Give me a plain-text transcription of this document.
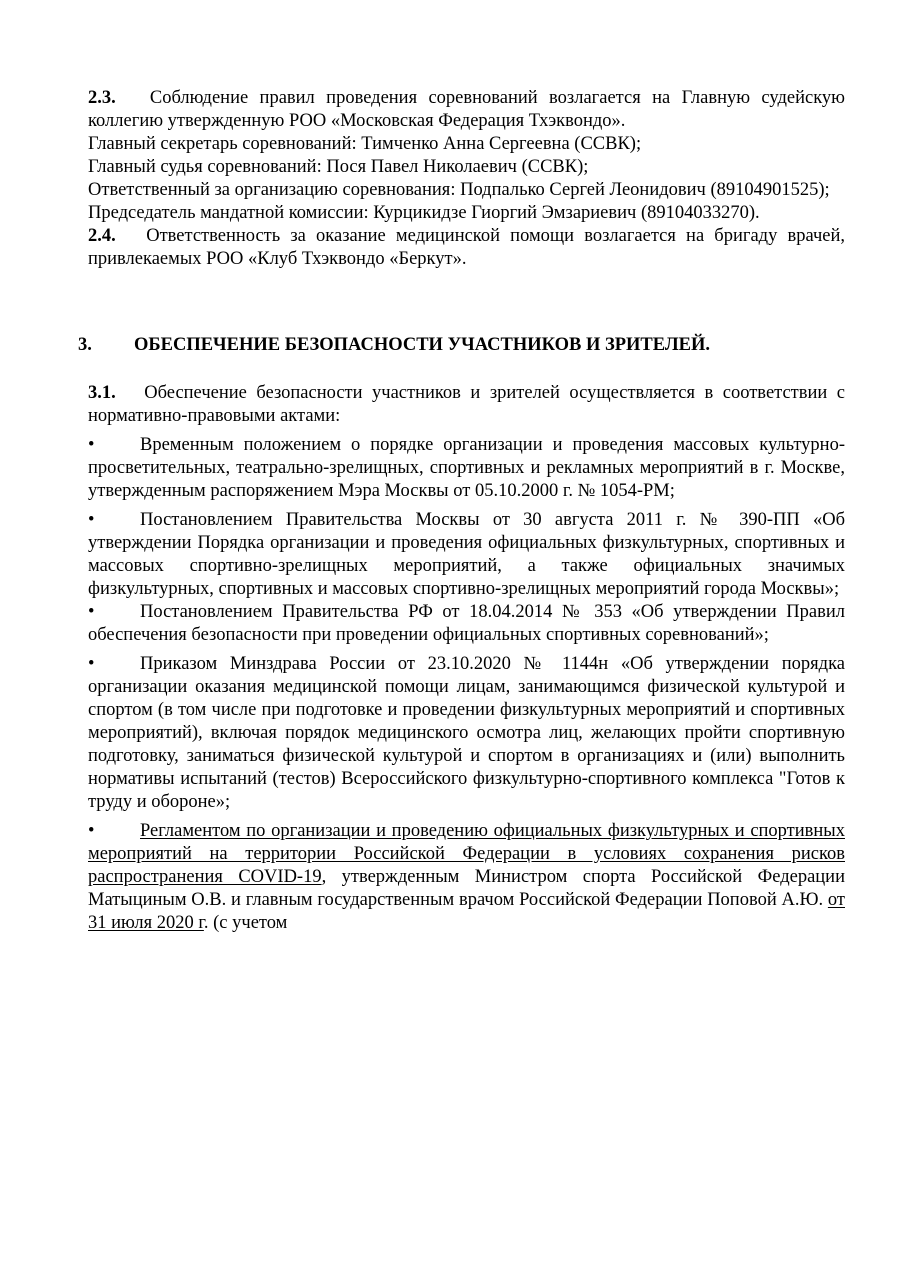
2.3. Соблюдение правил проведения соревнований возлагается на Главную судейскую коллегию утвержденную РОО «Московская Федерация Тхэквондо».

Главный секретарь соревнований: Тимченко Анна Сергеевна (ССВК);

Главный судья соревнований: Пося Павел Николаевич (ССВК);

Ответственный за организацию соревнования: Подпалько Сергей Леонидович (89104901525);

Председатель мандатной комиссии: Курцикидзе Гиоргий Эмзариевич (89104033270).

2.4. Ответственность за оказание медицинской помощи возлагается на бригаду врачей, привлекаемых РОО «Клуб Тхэквондо «Беркут».

3.	ОБЕСПЕЧЕНИЕ БЕЗОПАСНОСТИ УЧАСТНИКОВ И ЗРИТЕЛЕЙ.

3.1. Обеспечение безопасности участников и зрителей осуществляется в соответствии с нормативно-правовыми актами:

• Временным положением о порядке организации и проведения массовых культурно-просветительных, театрально-зрелищных, спортивных и рекламных мероприятий в г. Москве, утвержденным распоряжением Мэра Москвы от 05.10.2000 г. № 1054-РМ;

• Постановлением Правительства Москвы от 30 августа 2011 г. № 390-ПП «Об утверждении Порядка организации и проведения официальных физкультурных, спортивных и массовых спортивно-зрелищных мероприятий, а также официальных значимых физкультурных, спортивных и массовых спортивно-зрелищных мероприятий города Москвы»;

• Постановлением Правительства РФ от 18.04.2014 № 353 «Об утверждении Правил обеспечения безопасности при проведении официальных спортивных соревнований»;

• Приказом Минздрава России от 23.10.2020 № 1144н «Об утверждении порядка организации оказания медицинской помощи лицам, занимающимся физической культурой и спортом (в том числе при подготовке и проведении физкультурных мероприятий и спортивных мероприятий), включая порядок медицинского осмотра лиц, желающих пройти спортивную подготовку, заниматься физической культурой и спортом в организациях и (или) выполнить нормативы испытаний (тестов) Всероссийского физкультурно-спортивного комплекса "Готов к труду и обороне»;

• Регламентом по организации и проведению официальных физкультурных и спортивных мероприятий на территории Российской Федерации в условиях сохранения рисков распространения COVID-19, утвержденным Министром спорта Российской Федерации Матыциным О.В. и главным государственным врачом Российской Федерации Поповой А.Ю. от 31 июля 2020 г. (с учетом
